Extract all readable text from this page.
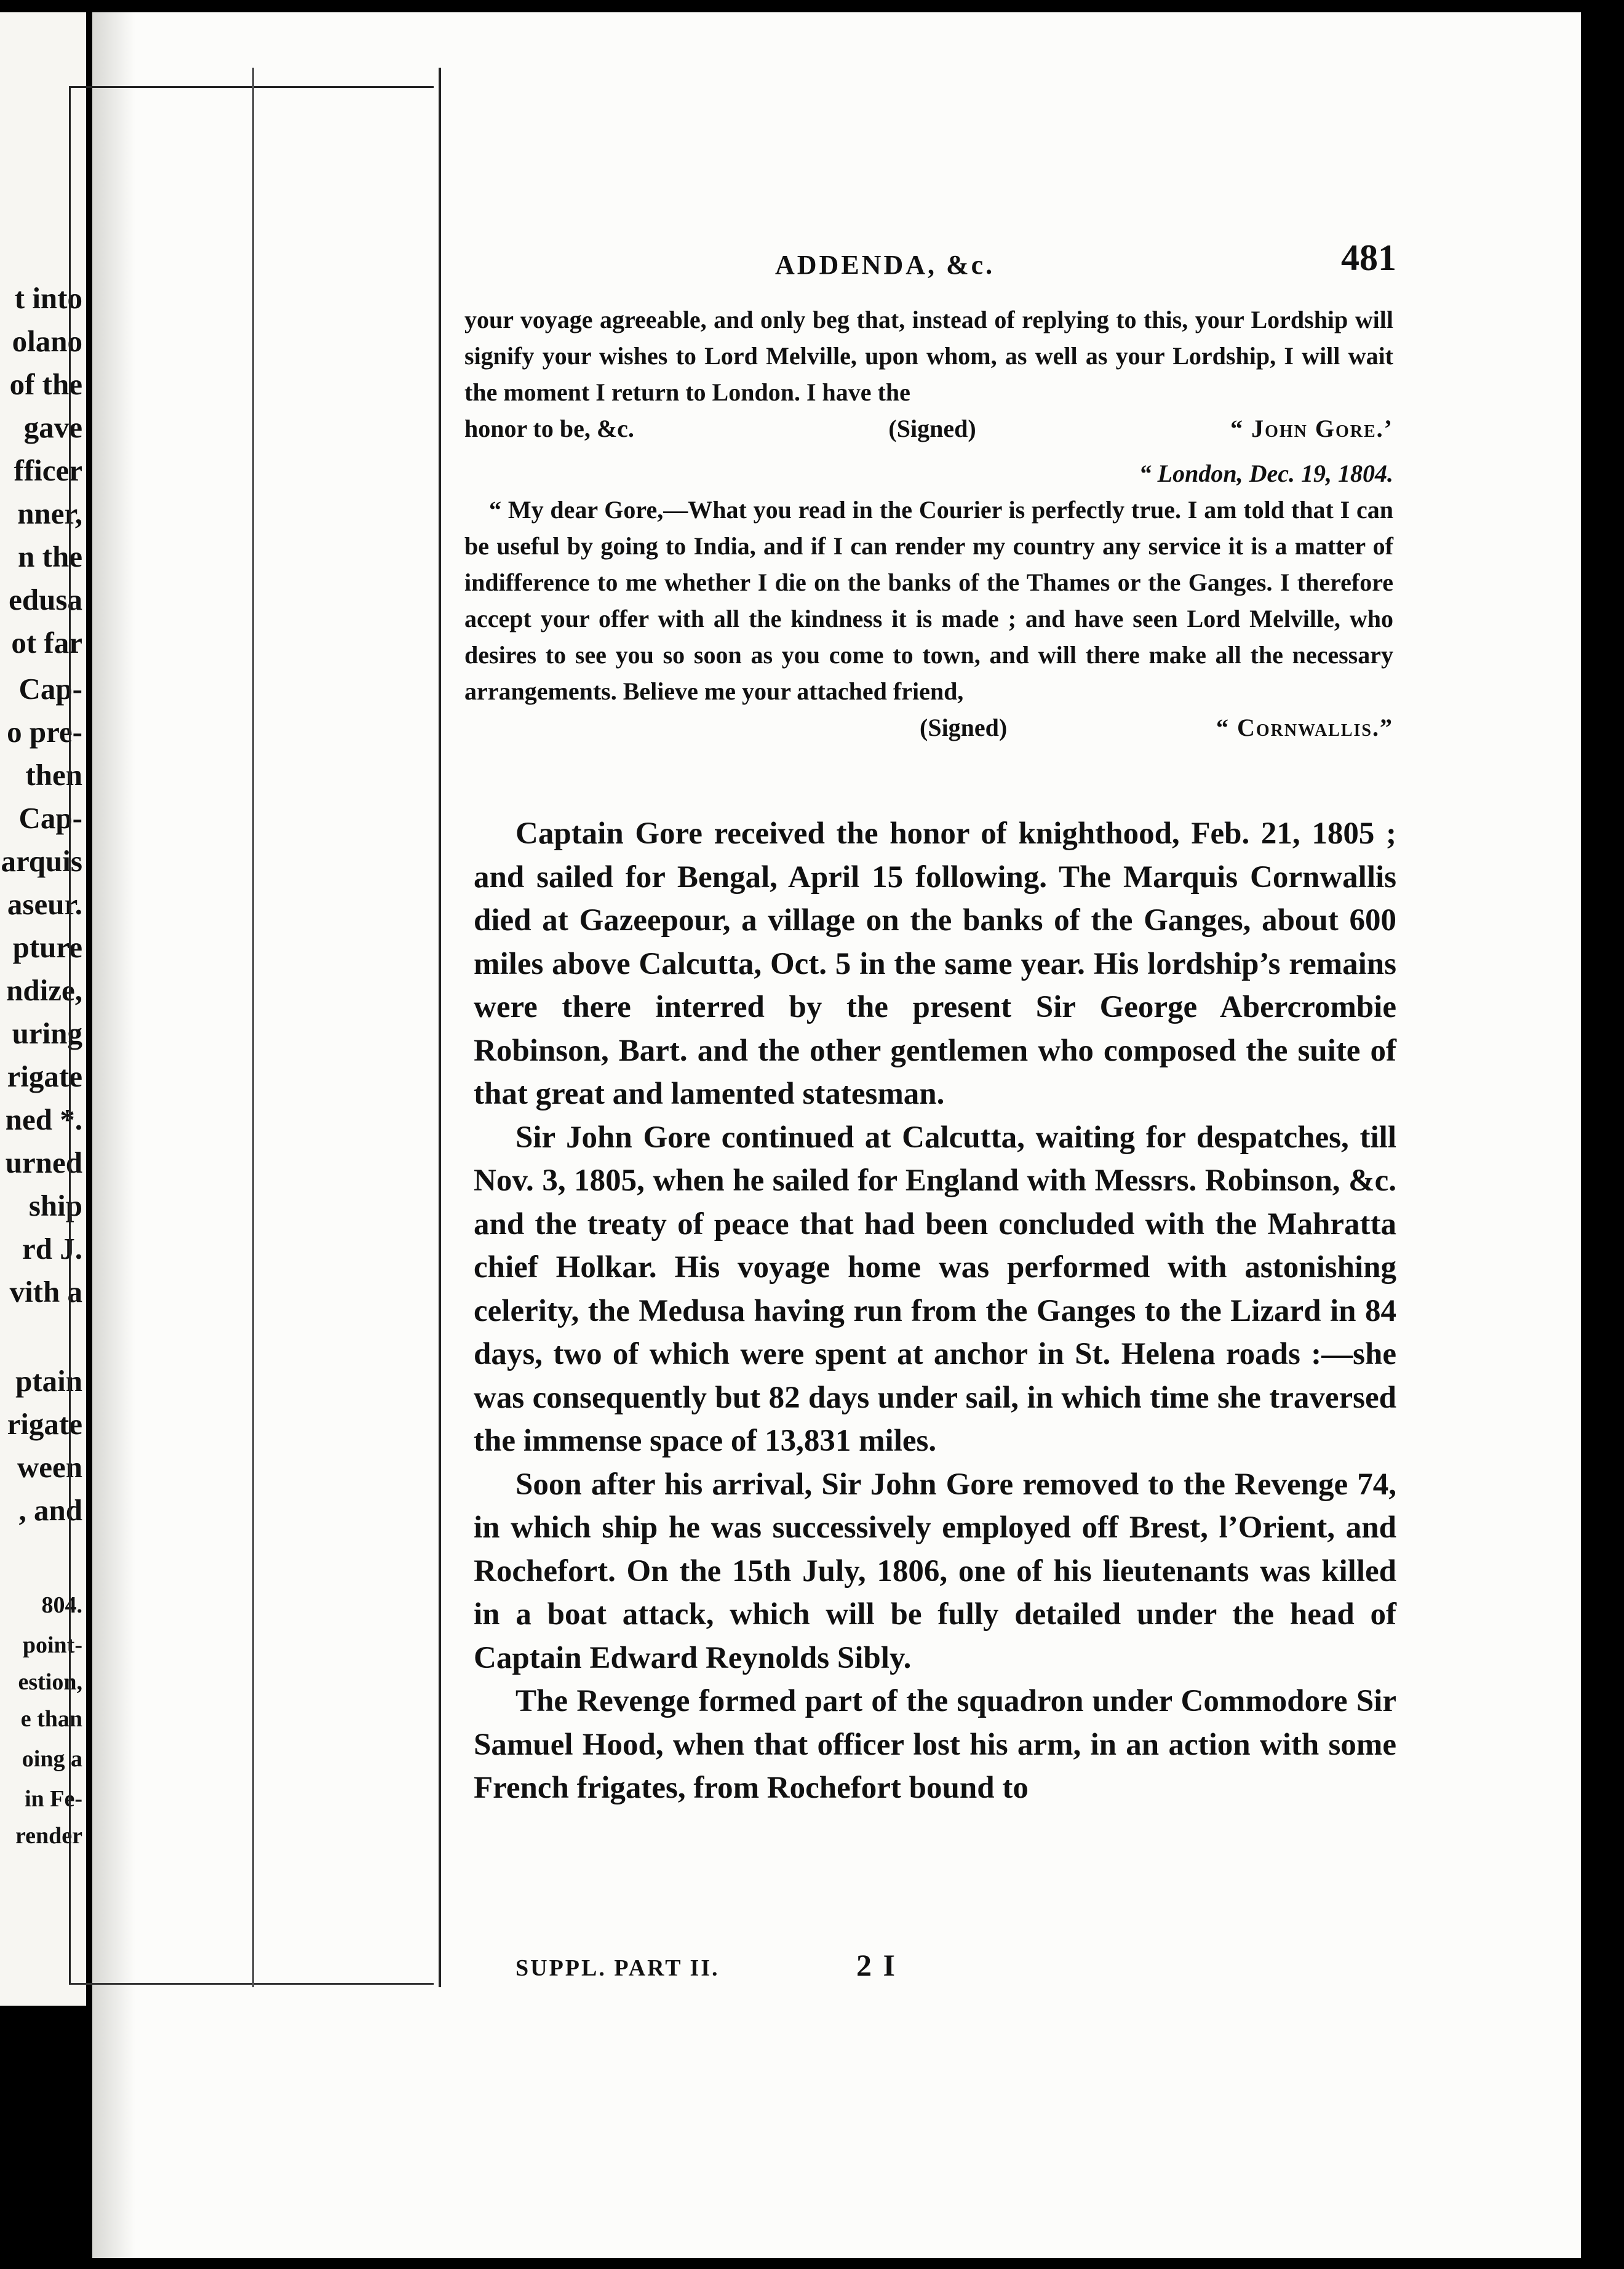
t into
olano
of the
gave
fficer
nner,
n the
edusa
ot far
Cap-
o pre-
then
Cap-
arquis
aseur.
pture
ndize,
uring
rigate
ned *.
urned
ship
rd J.
vith a
ptain
rigate
ween
, and
804.
point-
estion,
e than
oing a
in Fe-
render
ADDENDA, &c.	481

your voyage agreeable, and only beg that, instead of replying to this, your Lordship will signify your wishes to Lord Melville, upon whom, as well as your Lordship, I will wait the moment I return to London. I have the

honor to be, &c.	(Signed)	“ John Gore.’

“ London, Dec. 19, 1804.

“ My dear Gore,—What you read in the Courier is perfectly true. I am told that I can be useful by going to India, and if I can render my country any service it is a matter of indifference to me whether I die on the banks of the Thames or the Ganges. I therefore accept your offer with all the kindness it is made ; and have seen Lord Melville, who desires to see you so soon as you come to town, and will there make all the necessary arrangements. Believe me your attached friend,

(Signed)	“ Cornwallis.”

Captain Gore received the honor of knighthood, Feb. 21, 1805 ; and sailed for Bengal, April 15 following. The Marquis Cornwallis died at Gazeepour, a village on the banks of the Ganges, about 600 miles above Calcutta, Oct. 5 in the same year. His lordship’s remains were there interred by the present Sir George Abercrombie Robinson, Bart. and the other gentlemen who composed the suite of that great and lamented statesman.

Sir John Gore continued at Calcutta, waiting for despatches, till Nov. 3, 1805, when he sailed for England with Messrs. Robinson, &c. and the treaty of peace that had been concluded with the Mahratta chief Holkar. His voyage home was performed with astonishing celerity, the Medusa having run from the Ganges to the Lizard in 84 days, two of which were spent at anchor in St. Helena roads :—she was consequently but 82 days under sail, in which time she traversed the immense space of 13,831 miles.

Soon after his arrival, Sir John Gore removed to the Revenge 74, in which ship he was successively employed off Brest, l’Orient, and Rochefort. On the 15th July, 1806, one of his lieutenants was killed in a boat attack, which will be fully detailed under the head of Captain Edward Reynolds Sibly.

The Revenge formed part of the squadron under Commodore Sir Samuel Hood, when that officer lost his arm, in an action with some French frigates, from Rochefort bound to

SUPPL. PART II.	2 I
